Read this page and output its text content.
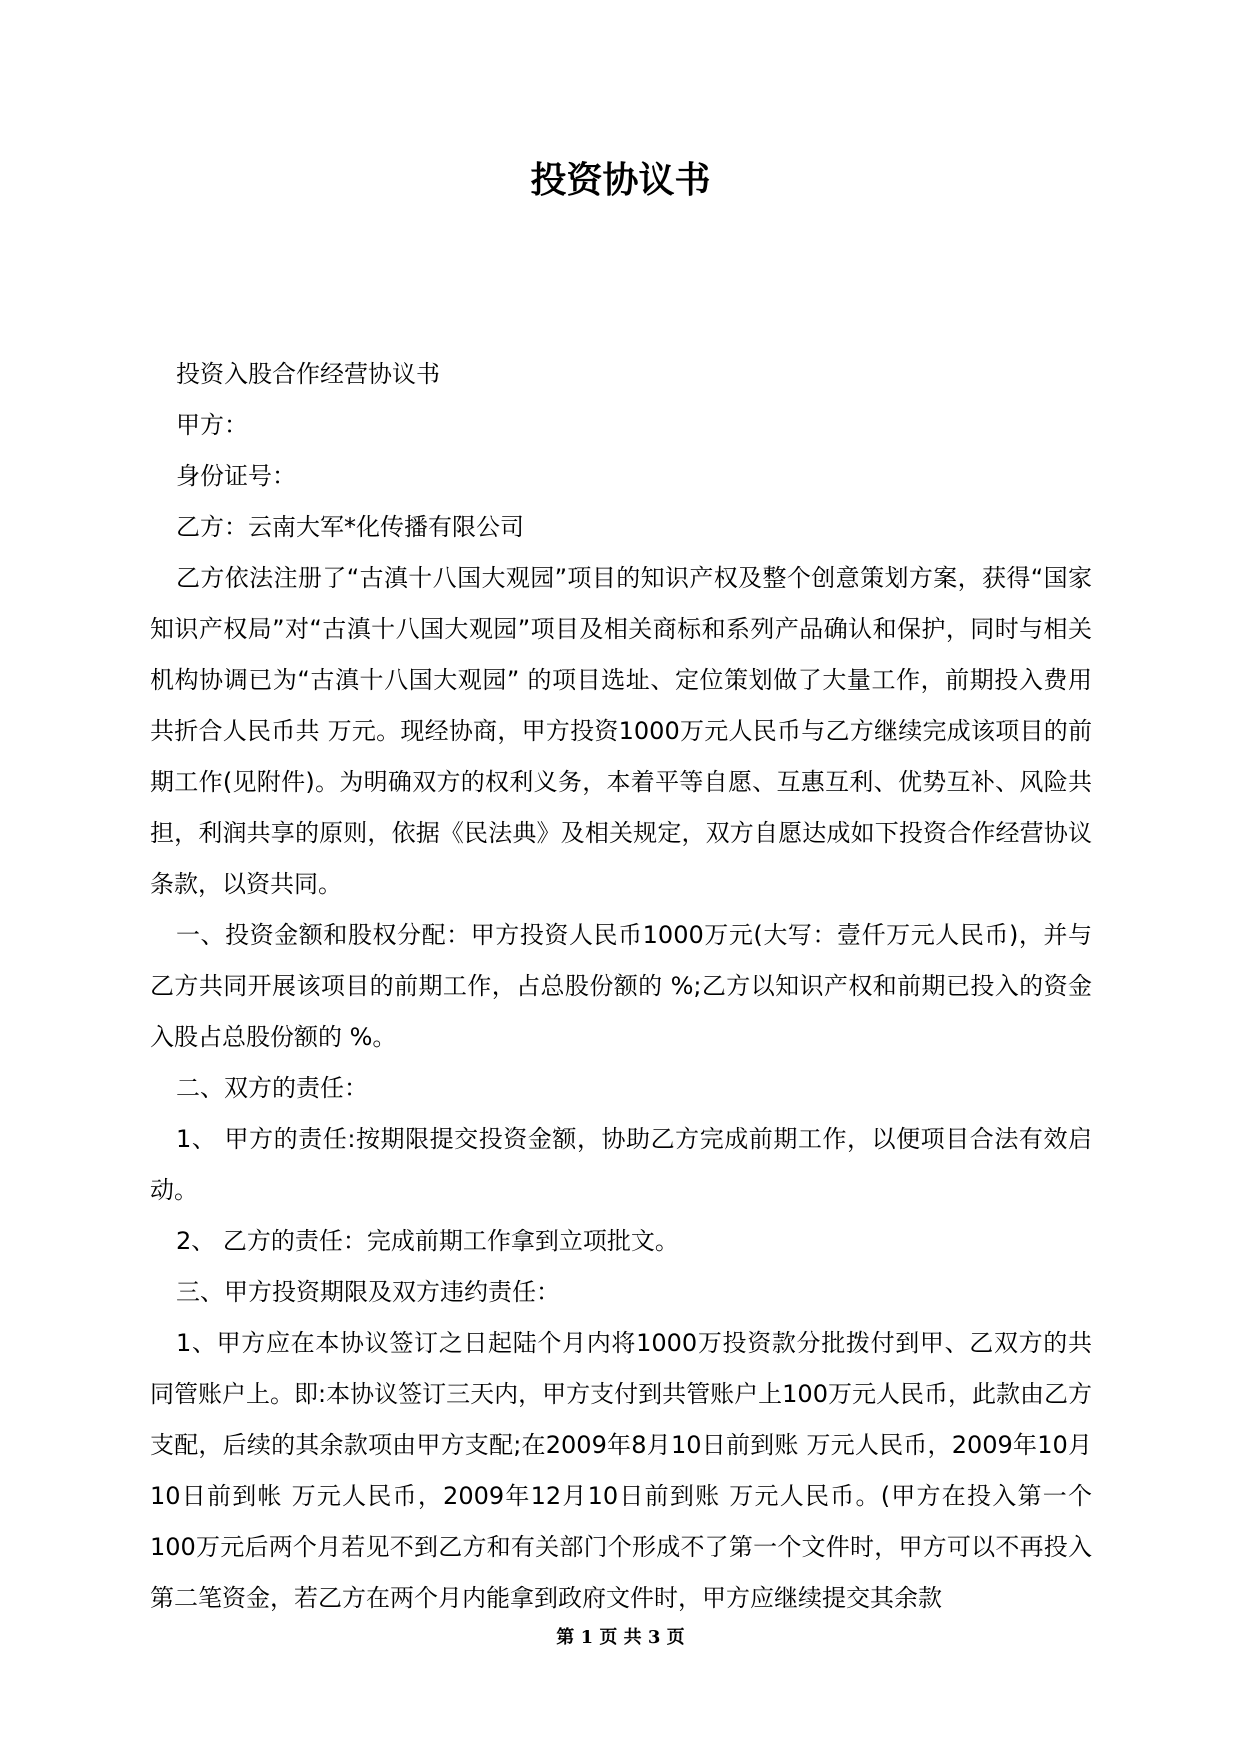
投资协议书

投资入股合作经营协议书

甲方：

身份证号：

乙方：云南大军*化传播有限公司

乙方依法注册了“古滇十八国大观园”项目的知识产权及整个创意策划方案，获得“国家知识产权局”对“古滇十八国大观园”项目及相关商标和系列产品确认和保护，同时与相关机构协调已为“古滇十八国大观园” 的项目选址、定位策划做了大量工作，前期投入费用共折合人民币共 万元。现经协商，甲方投资1000万元人民币与乙方继续完成该项目的前期工作(见附件)。为明确双方的权利义务，本着平等自愿、互惠互利、优势互补、风险共担，利润共享的原则，依据《民法典》及相关规定，双方自愿达成如下投资合作经营协议条款，以资共同。

一、投资金额和股权分配：甲方投资人民币1000万元(大写：壹仟万元人民币)，并与乙方共同开展该项目的前期工作，占总股份额的 %;乙方以知识产权和前期已投入的资金入股占总股份额的 %。

二、双方的责任：

1、 甲方的责任:按期限提交投资金额，协助乙方完成前期工作，以便项目合法有效启动。

2、 乙方的责任：完成前期工作拿到立项批文。

三、甲方投资期限及双方违约责任：

1、甲方应在本协议签订之日起陆个月内将1000万投资款分批拨付到甲、乙双方的共同管账户上。即:本协议签订三天内，甲方支付到共管账户上100万元人民币，此款由乙方支配，后续的其余款项由甲方支配;在2009年8月10日前到账 万元人民币，2009年10月10日前到帐 万元人民币，2009年12月10日前到账 万元人民币。(甲方在投入第一个100万元后两个月若见不到乙方和有关部门个形成不了第一个文件时，甲方可以不再投入第二笔资金，若乙方在两个月内能拿到政府文件时，甲方应继续提交其余款

第 1 页 共 3 页
